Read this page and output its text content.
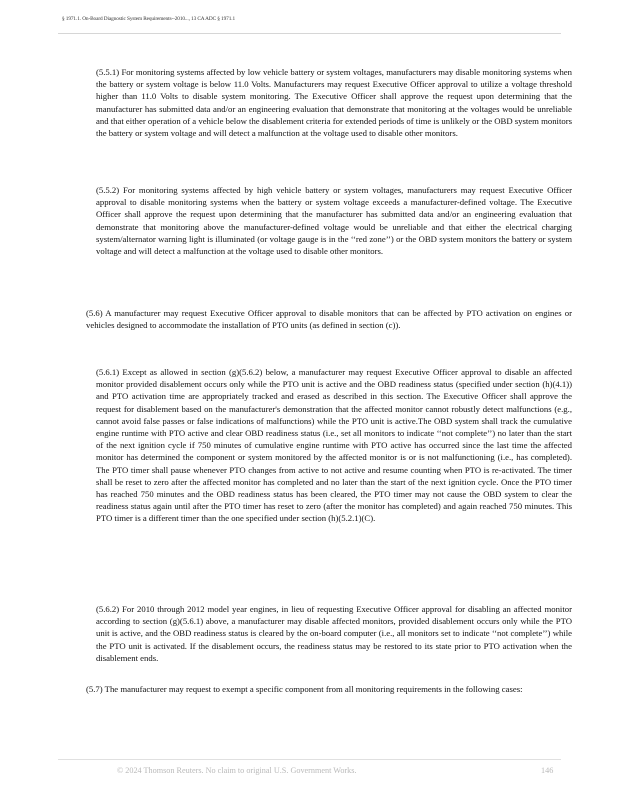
§ 1971.1. On-Board Diagnostic System Requirements--2010..., 13 CA ADC § 1971.1

(5.5.1) For monitoring systems affected by low vehicle battery or system voltages, manufacturers may disable monitoring systems when the battery or system voltage is below 11.0 Volts. Manufacturers may request Executive Officer approval to utilize a voltage threshold higher than 11.0 Volts to disable system monitoring. The Executive Officer shall approve the request upon determining that the manufacturer has submitted data and/or an engineering evaluation that demonstrate that monitoring at the voltages would be unreliable and that either operation of a vehicle below the disablement criteria for extended periods of time is unlikely or the OBD system monitors the battery or system voltage and will detect a malfunction at the voltage used to disable other monitors.

(5.5.2) For monitoring systems affected by high vehicle battery or system voltages, manufacturers may request Executive Officer approval to disable monitoring systems when the battery or system voltage exceeds a manufacturer-defined voltage. The Executive Officer shall approve the request upon determining that the manufacturer has submitted data and/or an engineering evaluation that demonstrate that monitoring above the manufacturer-defined voltage would be unreliable and that either the electrical charging system/alternator warning light is illuminated (or voltage gauge is in the ‘‘red zone’’) or the OBD system monitors the battery or system voltage and will detect a malfunction at the voltage used to disable other monitors.

(5.6) A manufacturer may request Executive Officer approval to disable monitors that can be affected by PTO activation on engines or vehicles designed to accommodate the installation of PTO units (as defined in section (c)).

(5.6.1) Except as allowed in section (g)(5.6.2) below, a manufacturer may request Executive Officer approval to disable an affected monitor provided disablement occurs only while the PTO unit is active and the OBD readiness status (specified under section (h)(4.1)) and PTO activation time are appropriately tracked and erased as described in this section. The Executive Officer shall approve the request for disablement based on the manufacturer's demonstration that the affected monitor cannot robustly detect malfunctions (e.g., cannot avoid false passes or false indications of malfunctions) while the PTO unit is active.The OBD system shall track the cumulative engine runtime with PTO active and clear OBD readiness status (i.e., set all monitors to indicate ‘‘not complete’’) no later than the start of the next ignition cycle if 750 minutes of cumulative engine runtime with PTO active has occurred since the last time the affected monitor has determined the component or system monitored by the affected monitor is or is not malfunctioning (i.e., has completed). The PTO timer shall pause whenever PTO changes from active to not active and resume counting when PTO is re-activated. The timer shall be reset to zero after the affected monitor has completed and no later than the start of the next ignition cycle. Once the PTO timer has reached 750 minutes and the OBD readiness status has been cleared, the PTO timer may not cause the OBD system to clear the readiness status again until after the PTO timer has reset to zero (after the monitor has completed) and again reached 750 minutes. This PTO timer is a different timer than the one specified under section (h)(5.2.1)(C).

(5.6.2) For 2010 through 2012 model year engines, in lieu of requesting Executive Officer approval for disabling an affected monitor according to section (g)(5.6.1) above, a manufacturer may disable affected monitors, provided disablement occurs only while the PTO unit is active, and the OBD readiness status is cleared by the on-board computer (i.e., all monitors set to indicate ‘‘not complete’’) while the PTO unit is activated. If the disablement occurs, the readiness status may be restored to its state prior to PTO activation when the disablement ends.

(5.7) The manufacturer may request to exempt a specific component from all monitoring requirements in the following cases:

© 2024 Thomson Reuters. No claim to original U.S. Government Works.	146
